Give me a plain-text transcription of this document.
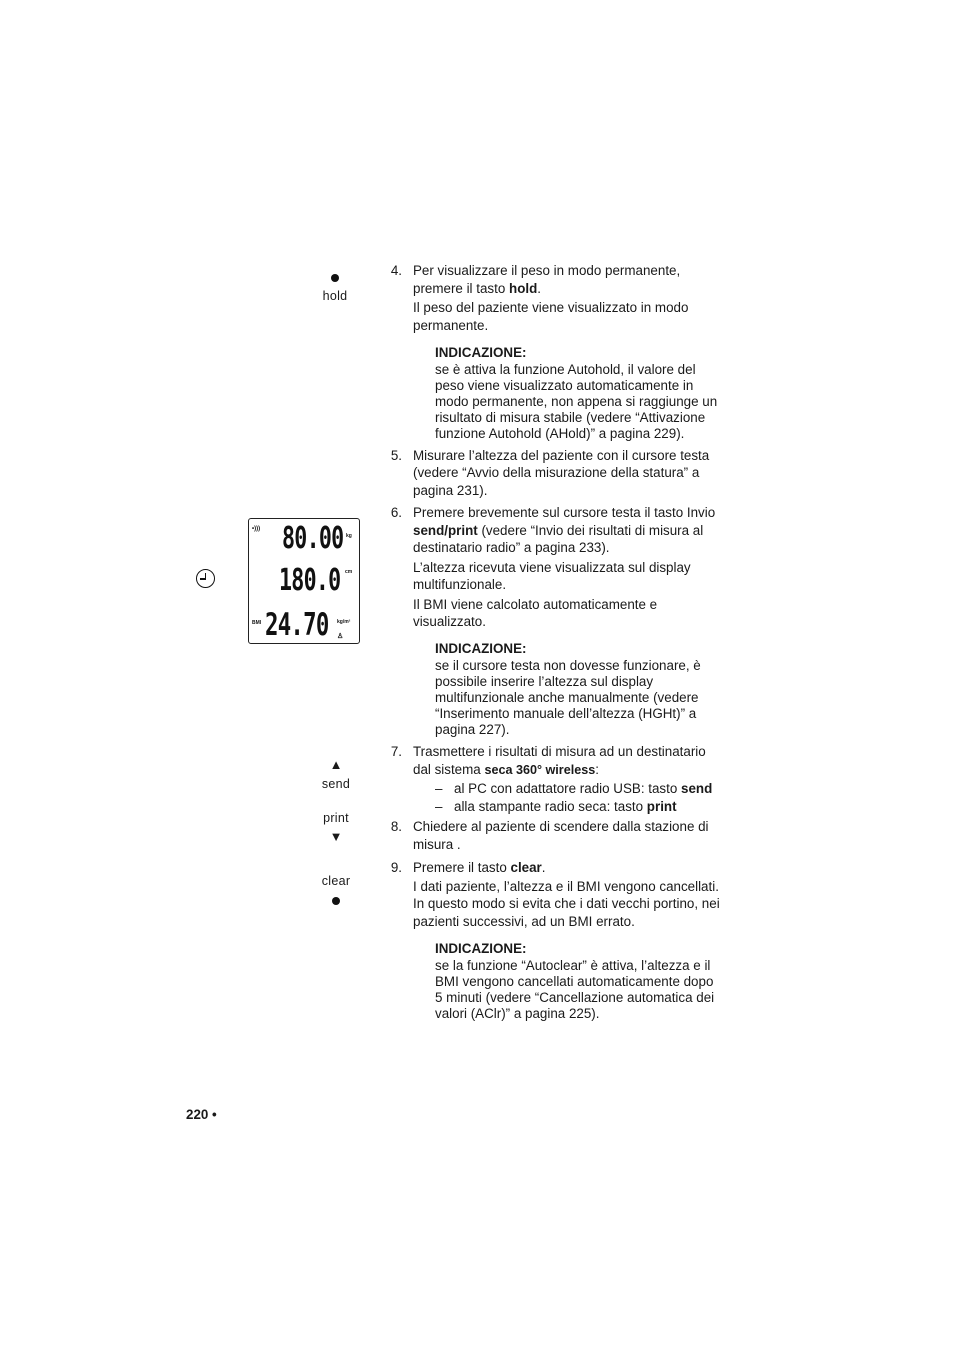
hold
•))) 80.00 kg
180.0 cm
BMI 24.70 kg/m²
♙
▲
send
print
▼
clear
4. Per visualizzare il peso in modo permanente,

premere il tasto hold.

Il peso del paziente viene visualizzato in modo

permanente.

INDICAZIONE:
se è attiva la funzione Autohold, il valore del
peso viene visualizzato automaticamente in
modo permanente, non appena si raggiunge un
risultato di misura stabile (vedere “Attivazione
funzione Autohold (AHold)” a pagina 229).
5. Misurare l’altezza del paziente con il cursore testa

(vedere “Avvio della misurazione della statura” a

pagina 231).

6. Premere brevemente sul cursore testa il tasto Invio

send/print (vedere “Invio dei risultati di misura al

destinatario radio” a pagina 233).

L’altezza ricevuta viene visualizzata sul display

multifunzionale.

Il BMI viene calcolato automaticamente e

visualizzato.

INDICAZIONE:
se il cursore testa non dovesse funzionare, è
possibile inserire l’altezza sul display
multifunzionale anche manualmente (vedere
“Inserimento manuale dell’altezza (HGHt)” a
pagina 227).
7. Trasmettere i risultati di misura ad un destinatario

dal sistema seca 360° wireless:

– al PC con adattatore radio USB: tasto send

– alla stampante radio seca: tasto print

8. Chiedere al paziente di scendere dalla stazione di

misura .

9. Premere il tasto clear.

I dati paziente, l’altezza e il BMI vengono cancellati.

In questo modo si evita che i dati vecchi portino, nei

pazienti successivi, ad un BMI errato.

INDICAZIONE:
se la funzione “Autoclear” è attiva, l’altezza e il
BMI vengono cancellati automaticamente dopo
5 minuti (vedere “Cancellazione automatica dei
valori (AClr)” a pagina 225).
220 •
